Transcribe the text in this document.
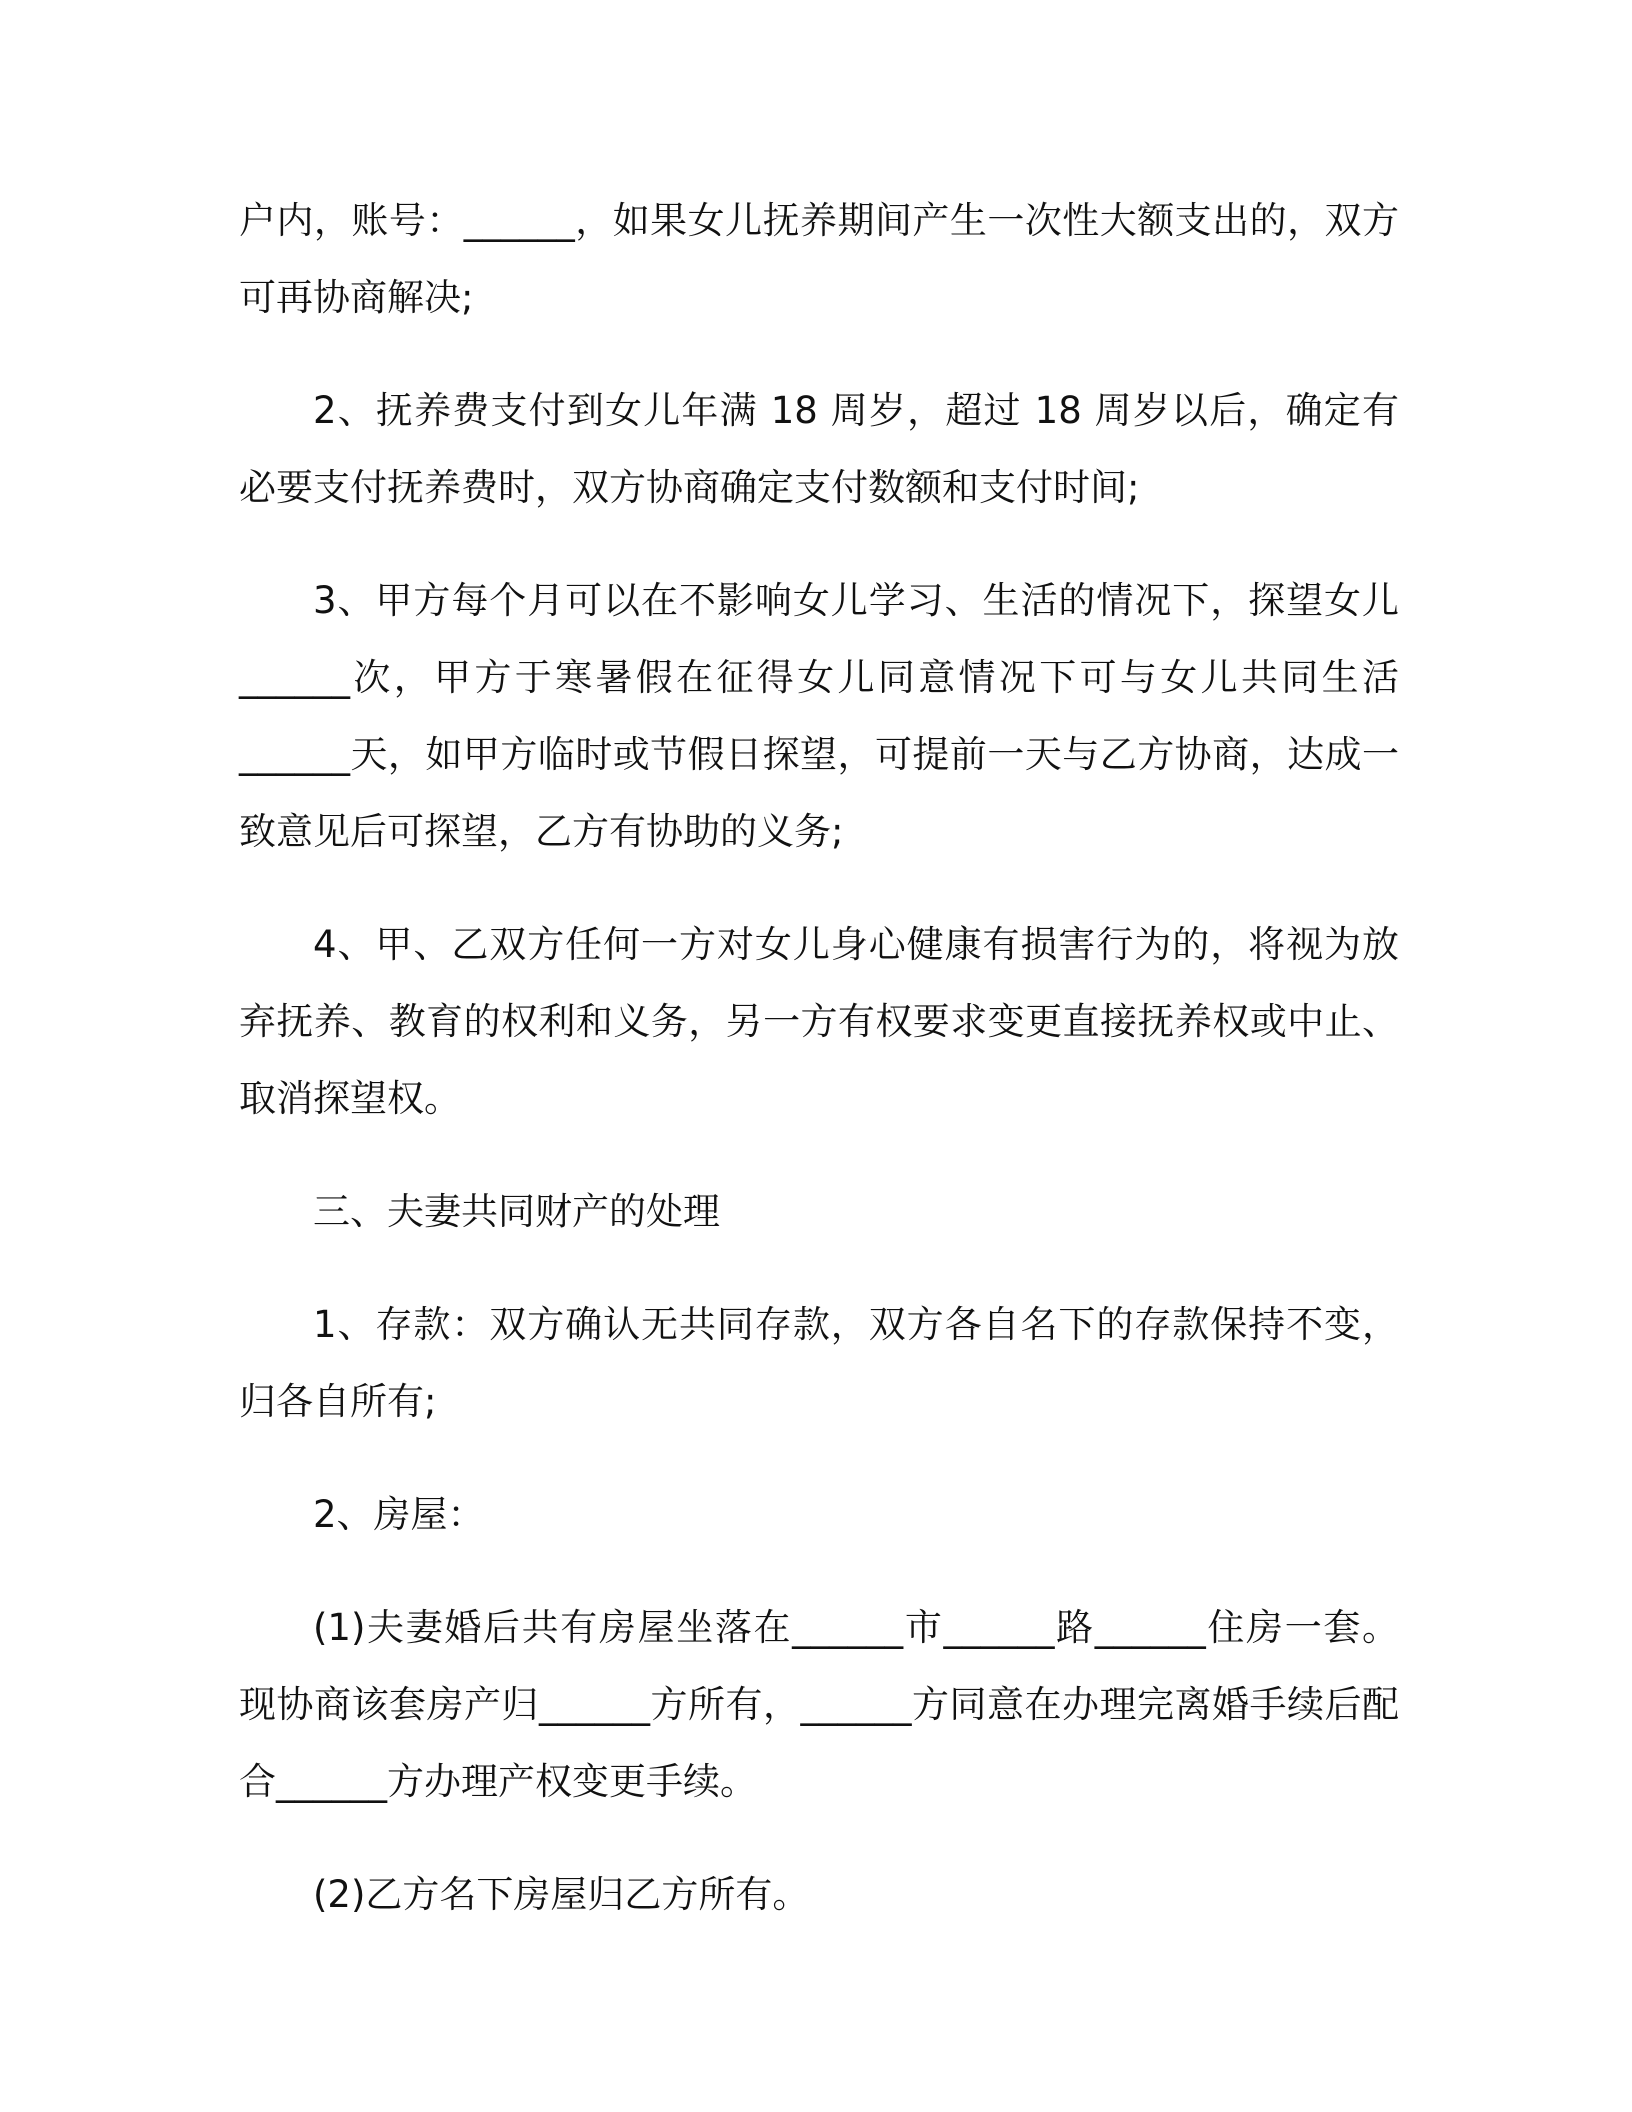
户内，账号：______，如果女儿抚养期间产生一次性大额支出的，双方可再协商解决;

2、抚养费支付到女儿年满 18 周岁，超过 18 周岁以后，确定有必要支付抚养费时，双方协商确定支付数额和支付时间;

3、甲方每个月可以在不影响女儿学习、生活的情况下，探望女儿______次，甲方于寒暑假在征得女儿同意情况下可与女儿共同生活______天，如甲方临时或节假日探望，可提前一天与乙方协商，达成一致意见后可探望，乙方有协助的义务;

4、甲、乙双方任何一方对女儿身心健康有损害行为的，将视为放弃抚养、教育的权利和义务，另一方有权要求变更直接抚养权或中止、取消探望权。

三、夫妻共同财产的处理

1、存款：双方确认无共同存款，双方各自名下的存款保持不变，归各自所有;

2、房屋：

(1)夫妻婚后共有房屋坐落在______市______路______住房一套。现协商该套房产归______方所有，______方同意在办理完离婚手续后配合______方办理产权变更手续。

(2)乙方名下房屋归乙方所有。
